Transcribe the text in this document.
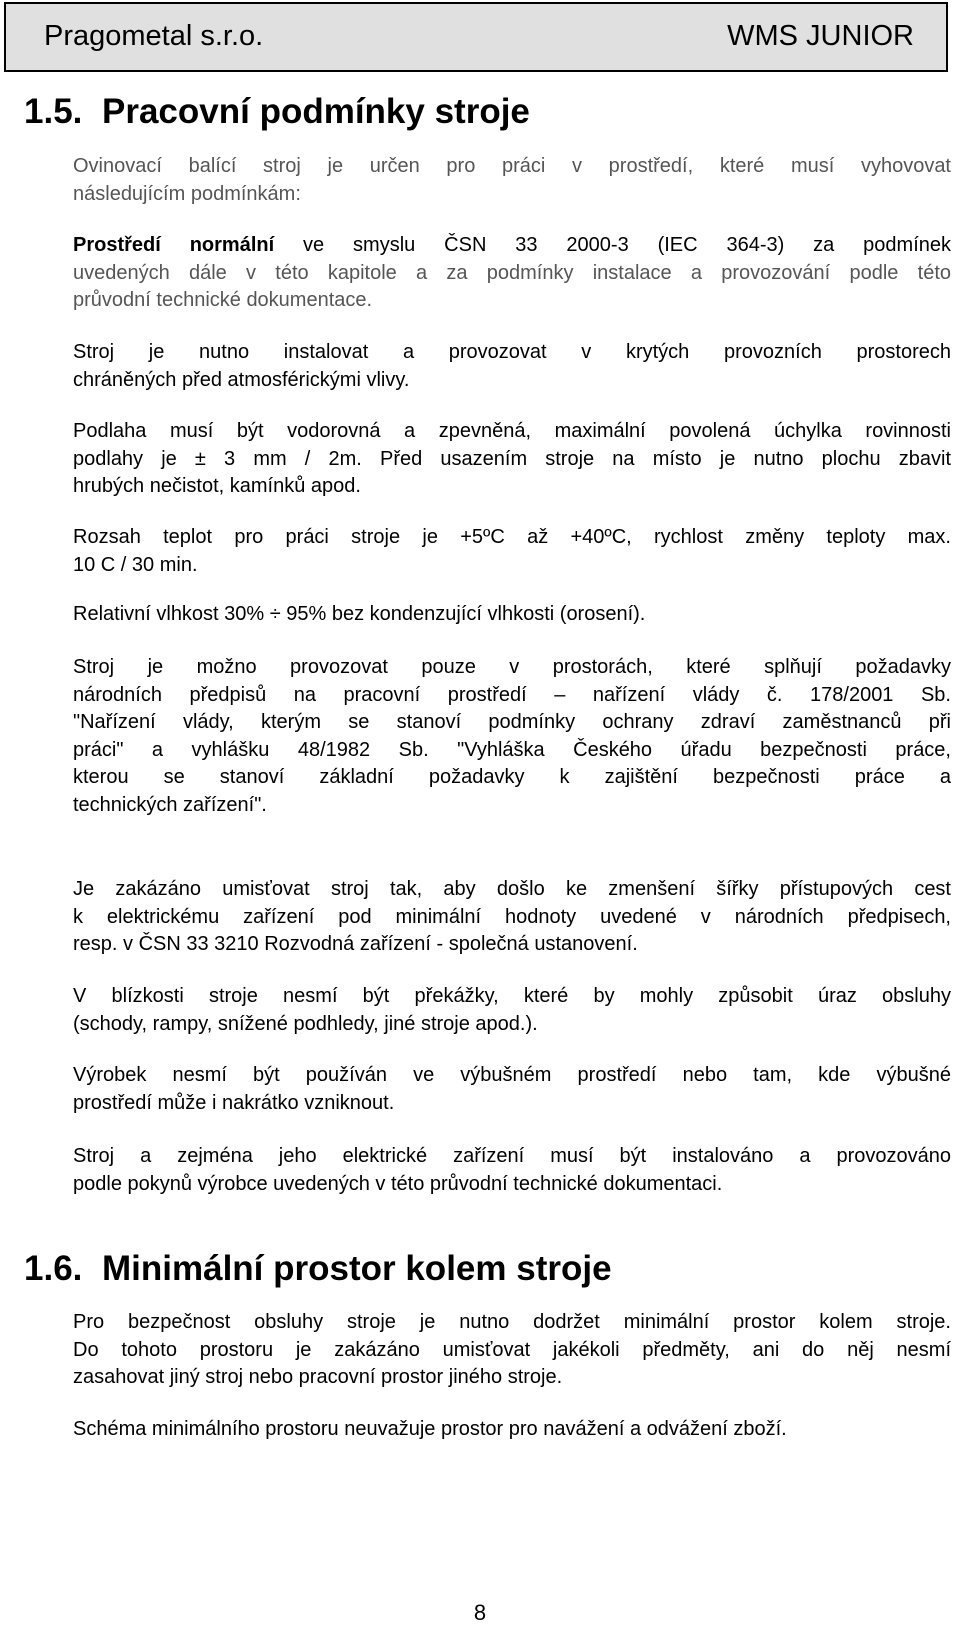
Pragometal s.r.o.	WMS JUNIOR
1.5. Pracovní podmínky stroje
Ovinovací balící stroj je určen pro práci v prostředí, které musí vyhovovat
následujícím podmínkám:
Prostředí normální ve smyslu ČSN 33 2000-3 (IEC 364-3) za podmínek
uvedených dále v této kapitole a za podmínky instalace a provozování podle této
průvodní technické dokumentace.
Stroj je nutno instalovat a provozovat v krytých provozních prostorech
chráněných před atmosférickými vlivy.
Podlaha musí být vodorovná a zpevněná, maximální povolená úchylka rovinnosti
podlahy je ± 3 mm / 2m. Před usazením stroje na místo je nutno plochu zbavit
hrubých nečistot, kamínků apod.
Rozsah teplot pro práci stroje je +5ºC až +40ºC, rychlost změny teploty max.
10 C / 30 min.
Relativní vlhkost 30% ÷ 95% bez kondenzující vlhkosti (orosení).
Stroj je možno provozovat pouze v prostorách, které splňují požadavky
národních předpisů na pracovní prostředí – nařízení vlády č. 178/2001 Sb.
"Nařízení vlády, kterým se stanoví podmínky ochrany zdraví zaměstnanců při
práci" a vyhlášku 48/1982 Sb. "Vyhláška Českého úřadu bezpečnosti práce,
kterou se stanoví základní požadavky k zajištění bezpečnosti práce a
technických zařízení".
Je zakázáno umisťovat stroj tak, aby došlo ke zmenšení šířky přístupových cest
k elektrickému zařízení pod minimální hodnoty uvedené v národních předpisech,
resp. v ČSN 33 3210 Rozvodná zařízení - společná ustanovení.
V blízkosti stroje nesmí být překážky, které by mohly způsobit úraz obsluhy
(schody, rampy, snížené podhledy, jiné stroje apod.).
Výrobek nesmí být používán ve výbušném prostředí nebo tam, kde výbušné
prostředí může i nakrátko vzniknout.
Stroj a zejména jeho elektrické zařízení musí být instalováno a provozováno
podle pokynů výrobce uvedených v této průvodní technické dokumentaci.
1.6. Minimální prostor kolem stroje
Pro bezpečnost obsluhy stroje je nutno dodržet minimální prostor kolem stroje.
Do tohoto prostoru je zakázáno umisťovat jakékoli předměty, ani do něj nesmí
zasahovat jiný stroj nebo pracovní prostor jiného stroje.
Schéma minimálního prostoru neuvažuje prostor pro navážení a odvážení zboží.
8
